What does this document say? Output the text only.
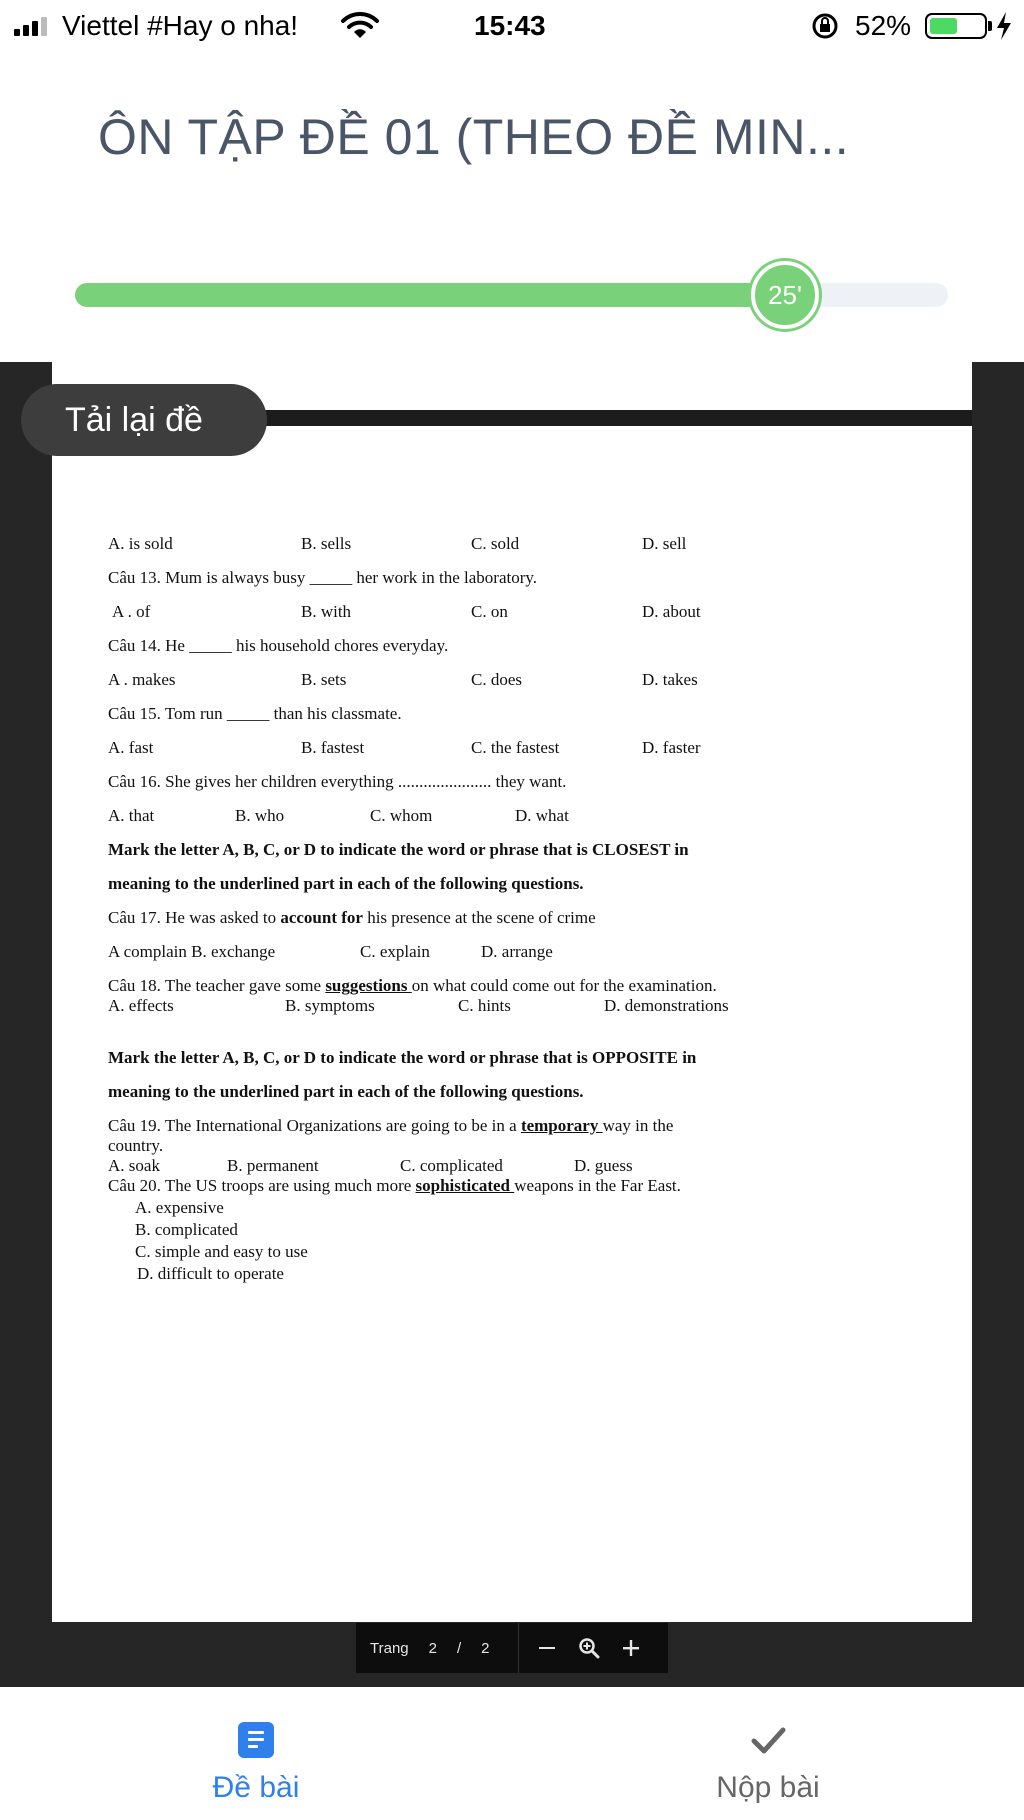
Viettel #Hay o nha!	15:43	52%
ÔN TẬP ĐỀ 01 (THEO ĐỀ MIN...
25'
Tải lại đề
A. is sold	B. sells	C. sold	D. sell
Câu 13. Mum is always busy _____ her work in the laboratory.
A . of	B. with	C. on	D. about
Câu 14. He _____ his household chores everyday.
A . makes	B. sets	C. does	D. takes
Câu 15. Tom run _____ than his classmate.
A. fast	B. fastest	C. the fastest	D. faster
Câu 16. She gives her children everything ...................... they want.
A. that	B. who	C. whom	D. what
Mark the letter A, B, C, or D to indicate the word or phrase that is CLOSEST in
meaning to the underlined part in each of the following questions.
Câu 17. He was asked to account for his presence at the scene of crime
A complain B. exchange	C. explain	D. arrange
Câu 18. The teacher gave some suggestions on what could come out for the examination.
A. effects	B. symptoms	C. hints	D. demonstrations
Mark the letter A, B, C, or D to indicate the word or phrase that is OPPOSITE in
meaning to the underlined part in each of the following questions.
Câu 19. The International Organizations are going to be in a temporary way in the
country.
A. soak	B. permanent	C. complicated	D. guess
Câu 20. The US troops are using much more sophisticated weapons in the Far East.
A. expensive
B. complicated
C. simple and easy to use
D. difficult to operate
Trang 2 / 2
Đề bài	Nộp bài
